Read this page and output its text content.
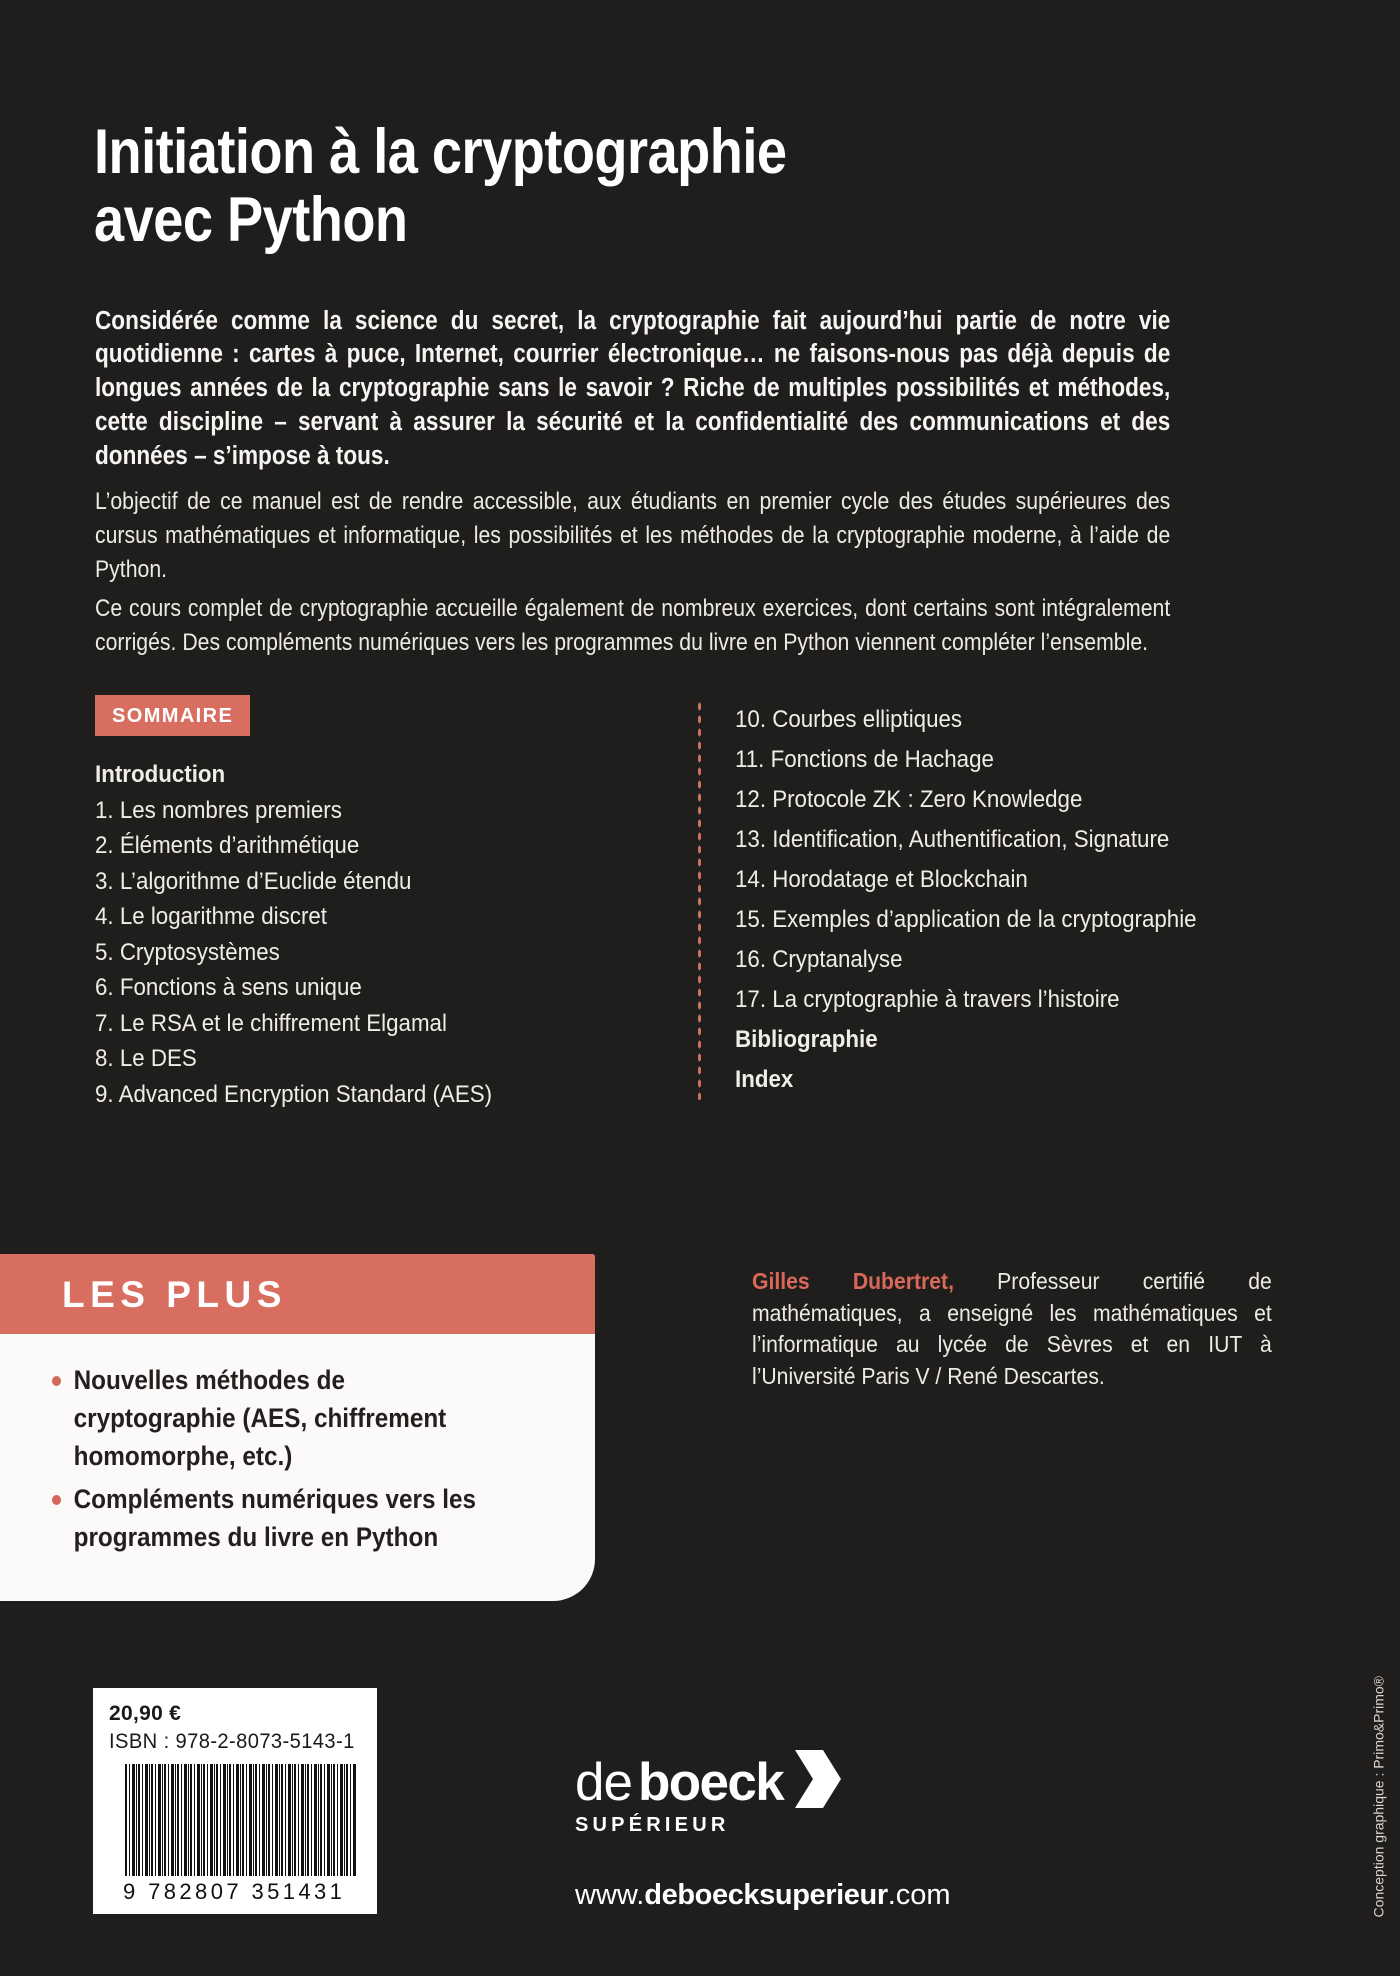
Initiation à la cryptographie
avec Python

Considérée comme la science du secret, la cryptographie fait aujourd’hui partie de notre vie quotidienne : cartes à puce, Internet, courrier électronique… ne faisons-nous pas déjà depuis de longues années de la cryptographie sans le savoir ? Riche de multiples possibilités et méthodes, cette discipline – servant à assurer la sécurité et la confidentialité des communications et des données – s’impose à tous.

L’objectif de ce manuel est de rendre accessible, aux étudiants en premier cycle des études supérieures des cursus mathématiques et informatique, les possibilités et les méthodes de la cryptographie moderne, à l’aide de Python.

Ce cours complet de cryptographie accueille également de nombreux exercices, dont certains sont intégralement corrigés. Des compléments numériques vers les programmes du livre en Python viennent compléter l’ensemble.

SOMMAIRE
Introduction
1. Les nombres premiers
2. Éléments d’arithmétique
3. L’algorithme d’Euclide étendu
4. Le logarithme discret
5. Cryptosystèmes
6. Fonctions à sens unique
7. Le RSA et le chiffrement Elgamal
8. Le DES
9. Advanced Encryption Standard (AES)
10. Courbes elliptiques
11. Fonctions de Hachage
12. Protocole ZK : Zero Knowledge
13. Identification, Authentification, Signature
14. Horodatage et Blockchain
15. Exemples d’application de la cryptographie
16. Cryptanalyse
17. La cryptographie à travers l’histoire
Bibliographie
Index
LES PLUS
Nouvelles méthodes de cryptographie (AES, chiffrement homomorphe, etc.)
Compléments numériques vers les programmes du livre en Python

Gilles Dubertret, Professeur certifié de mathématiques, a enseigné les mathématiques et l’informatique au lycée de Sèvres et en IUT à l’Université Paris V / René Descartes.

20,90 €
ISBN : 978-2-8073-5143-1
9 782807 351431
de boeck
SUPÉRIEUR
www.deboecksuperieur.com	Conception graphique : Primo&Primo®
